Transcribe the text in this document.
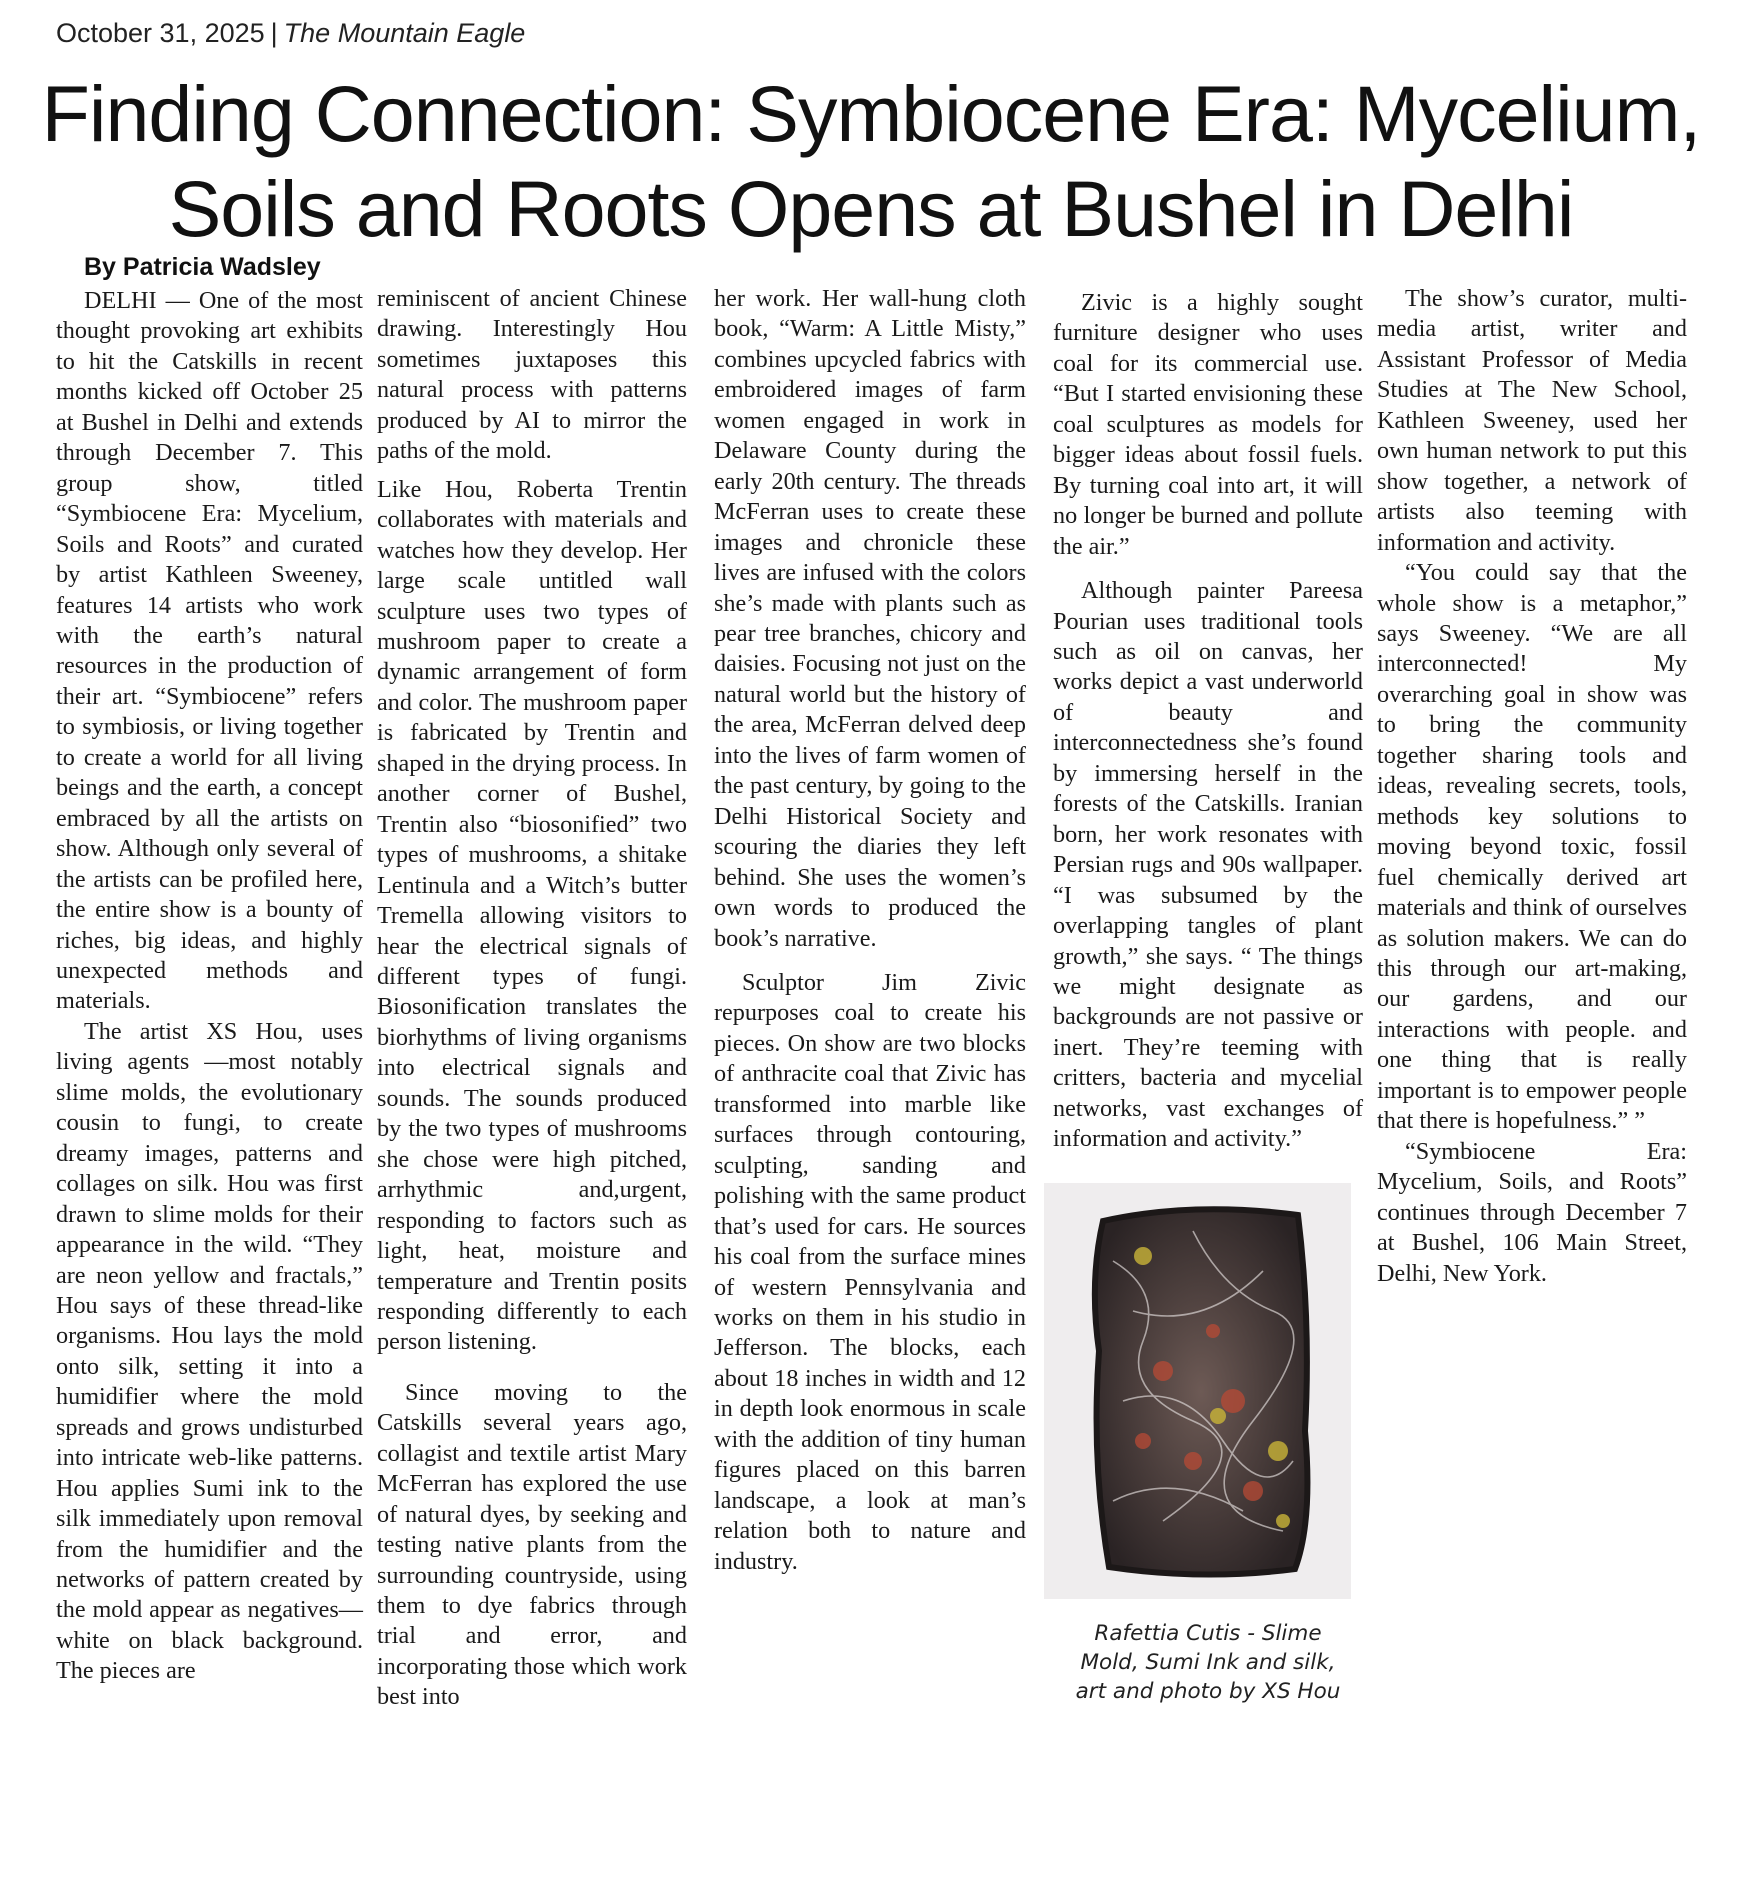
October 31, 2025 | The Mountain Eagle
Finding Connection: Symbiocene Era: Mycelium,
Soils and Roots Opens at Bushel in Delhi
By Patricia Wadsley

DELHI — One of the most thought provoking art exhibits to hit the Catskills in recent months kicked off October 25 at Bushel in Delhi and extends through December 7. This group show, titled “Symbiocene Era: Mycelium, Soils and Roots” and curated by artist Kathleen Sweeney, features 14 artists who work with the earth’s natural resources in the production of their art. “Symbiocene” refers to symbiosis, or living together to create a world for all living beings and the earth, a concept embraced by all the artists on show. Although only several of the artists can be profiled here, the entire show is a bounty of riches, big ideas, and highly unexpected methods and materials.

The artist XS Hou, uses living agents —most notably slime molds, the evolutionary cousin to fungi, to create dreamy images, patterns and collages on silk. Hou was first drawn to slime molds for their appearance in the wild. “They are neon yellow and fractals,” Hou says of these thread-like organisms. Hou lays the mold onto silk, setting it into a humidifier where the mold spreads and grows undisturbed into intricate web-like patterns. Hou applies Sumi ink to the silk immediately upon removal from the humidifier and the networks of pattern created by the mold appear as negatives—white on black background. The pieces are

reminiscent of ancient Chinese drawing. Interestingly Hou sometimes juxtaposes this natural process with patterns produced by AI to mirror the paths of the mold.

Like Hou, Roberta Trentin collaborates with materials and watches how they develop. Her large scale untitled wall sculpture uses two types of mushroom paper to create a dynamic arrangement of form and color. The mushroom paper is fabricated by Trentin and shaped in the drying process. In another corner of Bushel, Trentin also “biosonified” two types of mushrooms, a shitake Lentinula and a Witch’s butter Tremella allowing visitors to hear the electrical signals of different types of fungi. Biosonification translates the biorhythms of living organisms into electrical signals and sounds. The sounds produced by the two types of mushrooms she chose were high pitched, arrhythmic and,urgent, responding to factors such as light, heat, moisture and temperature and Trentin posits responding differently to each person listening.

Since moving to the Catskills several years ago, collagist and textile artist Mary McFerran has explored the use of natural dyes, by seeking and testing native plants from the surrounding countryside, using them to dye fabrics through trial and error, and incorporating those which work best into

her work. Her wall-hung cloth book, “Warm: A Little Misty,” combines upcycled fabrics with embroidered images of farm women engaged in work in Delaware County during the early 20th century. The threads McFerran uses to create these images and chronicle these lives are infused with the colors she’s made with plants such as pear tree branches, chicory and daisies. Focusing not just on the natural world but the history of the area, McFerran delved deep into the lives of farm women of the past century, by going to the Delhi Historical Society and scouring the diaries they left behind. She uses the women’s own words to produced the book’s narrative.

Sculptor Jim Zivic repurposes coal to create his pieces. On show are two blocks of anthracite coal that Zivic has transformed into marble like surfaces through contouring, sculpting, sanding and polishing with the same product that’s used for cars. He sources his coal from the surface mines of western Pennsylvania and works on them in his studio in Jefferson. The blocks, each about 18 inches in width and 12 in depth look enormous in scale with the addition of tiny human figures placed on this barren landscape, a look at man’s relation both to nature and industry.

Zivic is a highly sought furniture designer who uses coal for its commercial use. “But I started envisioning these coal sculptures as models for bigger ideas about fossil fuels. By turning coal into art, it will no longer be burned and pollute the air.”

Although painter Pareesa Pourian uses traditional tools such as oil on canvas, her works depict a vast underworld of beauty and interconnectedness she’s found by immersing herself in the forests of the Catskills. Iranian born, her work resonates with Persian rugs and 90s wallpaper. “I was subsumed by the overlapping tangles of plant growth,” she says. “ The things we might designate as backgrounds are not passive or inert. They’re teeming with critters, bacteria and mycelial networks, vast exchanges of information and activity.”

Rafettia Cutis - Slime
Mold, Sumi Ink and silk,
art and photo by XS Hou

The show’s curator, multi-media artist, writer and Assistant Professor of Media Studies at The New School, Kathleen Sweeney, used her own human network to put this show together, a network of artists also teeming with information and activity.

“You could say that the whole show is a metaphor,” says Sweeney. “We are all interconnected! My overarching goal in show was to bring the community together sharing tools and ideas, revealing secrets, tools, methods key solutions to moving beyond toxic, fossil fuel chemically derived art materials and think of ourselves as solution makers. We can do this through our art-making, our gardens, and our interactions with people. and one thing that is really important is to empower people that there is hopefulness.” ”

“Symbiocene Era: Mycelium, Soils, and Roots” continues through December 7 at Bushel, 106 Main Street, Delhi, New York.
